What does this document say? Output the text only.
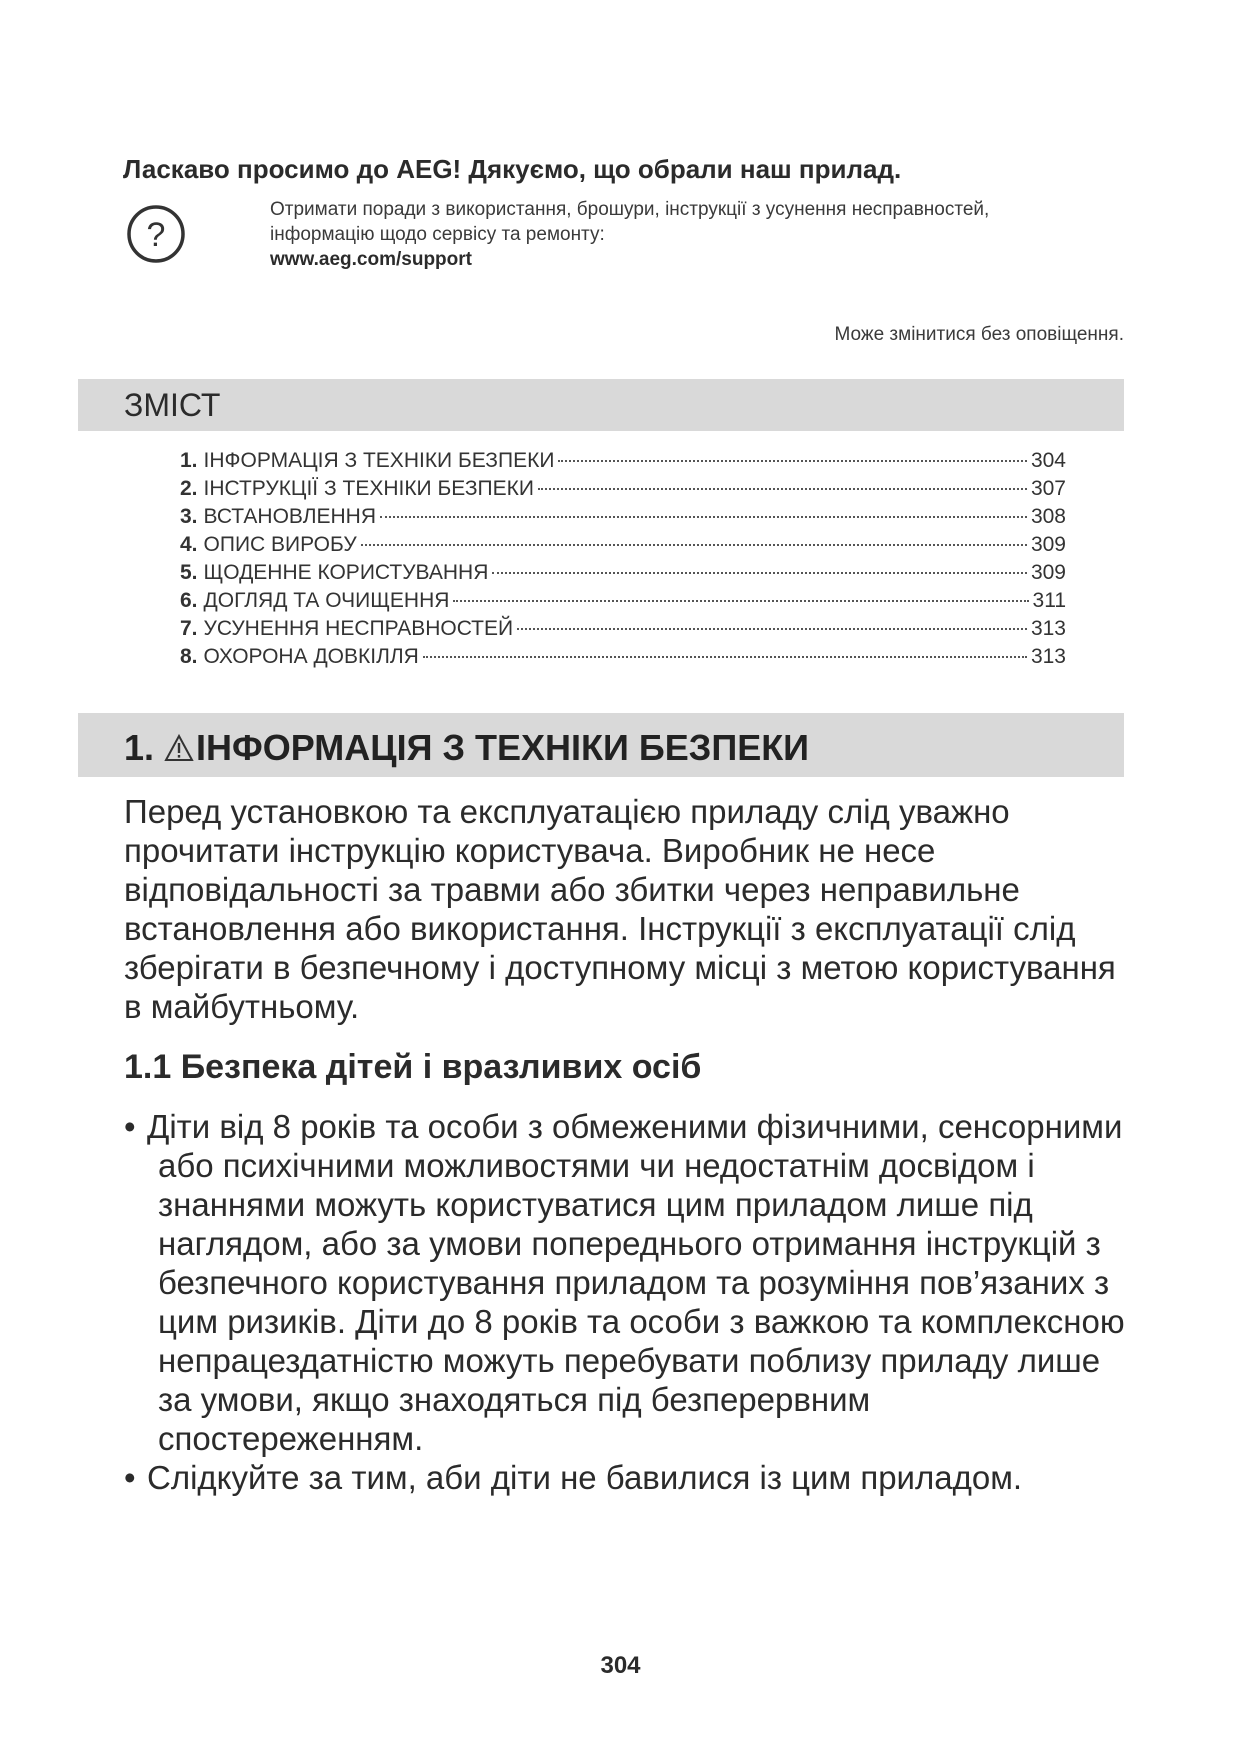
Ласкаво просимо до AEG! Дякуємо, що обрали наш прилад.
?
Отримати поради з використання, брошури, інструкції з усунення несправностей,
інформацію щодо сервісу та ремонту:
www.aeg.com/support
Може змінитися без оповіщення.
ЗМІСТ
1. ІНФОРМАЦІЯ З ТЕХНІКИ БЕЗПЕКИ	304
2. ІНСТРУКЦІЇ З ТЕХНІКИ БЕЗПЕКИ	307
3. ВСТАНОВЛЕННЯ	308
4. ОПИС ВИРОБУ	309
5. ЩОДЕННЕ КОРИСТУВАННЯ	309
6. ДОГЛЯД ТА ОЧИЩЕННЯ	311
7. УСУНЕННЯ НЕСПРАВНОСТЕЙ	313
8. ОХОРОНА ДОВКІЛЛЯ	313
1. ІНФОРМАЦІЯ З ТЕХНІКИ БЕЗПЕКИ

Перед установкою та експлуатацією приладу слід уважно прочитати інструкцію користувача. Виробник не несе відповідальності за травми або збитки через неправильне встановлення або використання. Інструкції з експлуатації слід зберігати в безпечному і доступному місці з метою користування в майбутньому.

1.1 Безпека дітей і вразливих осіб
• Діти від 8 років та особи з обмеженими фізичними, сенсорними або психічними можливостями чи недостатнім досвідом і знаннями можуть користуватися цим приладом лише під наглядом, або за умови попереднього отримання інструкцій з безпечного користування приладом та розуміння пов’язаних з цим ризиків. Діти до 8 років та особи з важкою та комплексною непрацездатністю можуть перебувати поблизу приладу лише за умови, якщо знаходяться під безперервним спостереженням.
• Слідкуйте за тим, аби діти не бавилися із цим приладом.
304
